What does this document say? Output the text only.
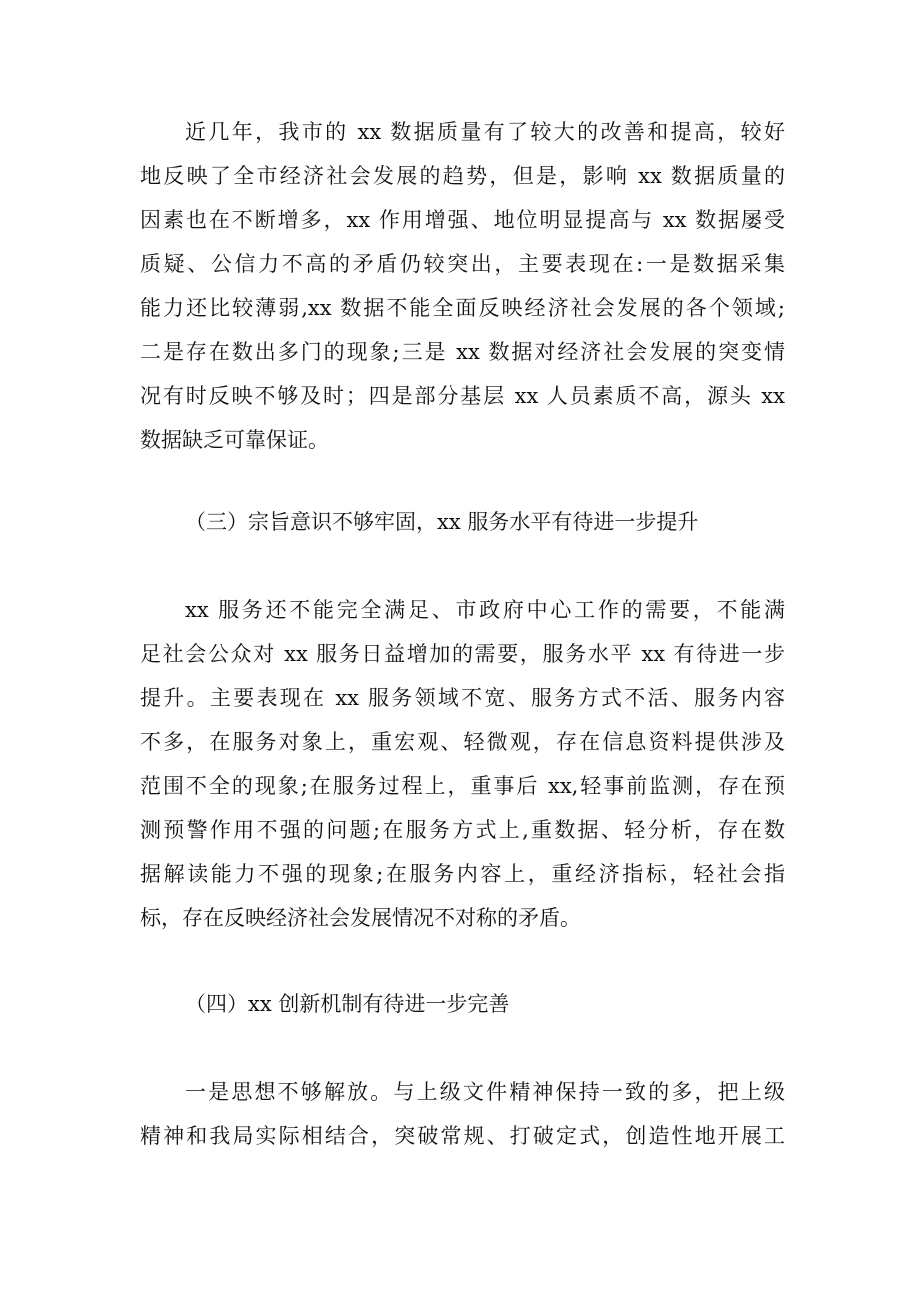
近几年，我市的 xx 数据质量有了较大的改善和提高，较好
地反映了全市经济社会发展的趋势，但是，影响 xx 数据质量的
因素也在不断增多，xx 作用增强、地位明显提高与 xx 数据屡受
质疑、公信力不高的矛盾仍较突出，主要表现在:一是数据采集
能力还比较薄弱,xx 数据不能全面反映经济社会发展的各个领域;
二是存在数出多门的现象;三是 xx 数据对经济社会发展的突变情
况有时反映不够及时；四是部分基层 xx 人员素质不高，源头 xx
数据缺乏可靠保证。
（三）宗旨意识不够牢固，xx 服务水平有待进一步提升
xx 服务还不能完全满足、市政府中心工作的需要，不能满
足社会公众对 xx 服务日益增加的需要，服务水平 xx 有待进一步
提升。主要表现在 xx 服务领域不宽、服务方式不活、服务内容
不多，在服务对象上，重宏观、轻微观，存在信息资料提供涉及
范围不全的现象;在服务过程上，重事后 xx,轻事前监测，存在预
测预警作用不强的问题;在服务方式上,重数据、轻分析，存在数
据解读能力不强的现象;在服务内容上，重经济指标，轻社会指
标，存在反映经济社会发展情况不对称的矛盾。
（四）xx 创新机制有待进一步完善
一是思想不够解放。与上级文件精神保持一致的多，把上级
精神和我局实际相结合，突破常规、打破定式，创造性地开展工
